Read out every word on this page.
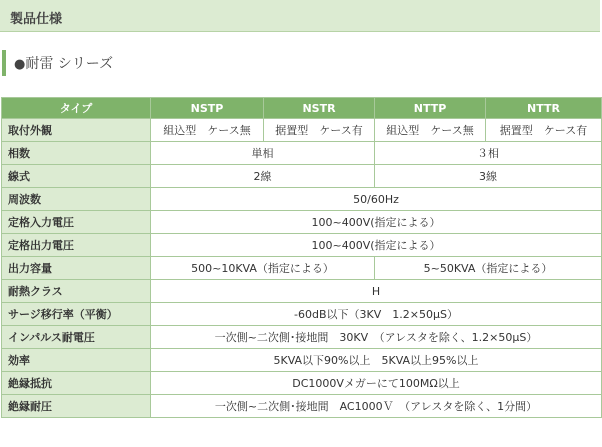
製品仕様
●耐雷 シリーズ
タイプ	NSTP	NSTR	NTTP	NTTR
取付外観	組込型　ケース無	据置型　ケース有	組込型　ケース無	据置型　ケース有
相数	単相		３相	
線式	2線		3線	
周波数	50/60Hz			
定格入力電圧	100~400V(指定による）			
定格出力電圧	100~400V(指定による）			
出力容量	500~10KVA（指定による）		5~50KVA（指定による）	
耐熱クラス	H			
サージ移行率（平衡）	-60dB以下（3KV　1.2×50μS）			
インパルス耐電圧	一次側~二次側･接地間　30KV　（アレスタを除く、1.2×50μS）			
効率	5KVA以下90%以上　5KVA以上95%以上			
絶縁抵抗	DC1000Vメガーにて100MΩ以上			
絶縁耐圧	一次側~二次側･接地間　AC1000Ｖ　（アレスタを除く、1分間）			
